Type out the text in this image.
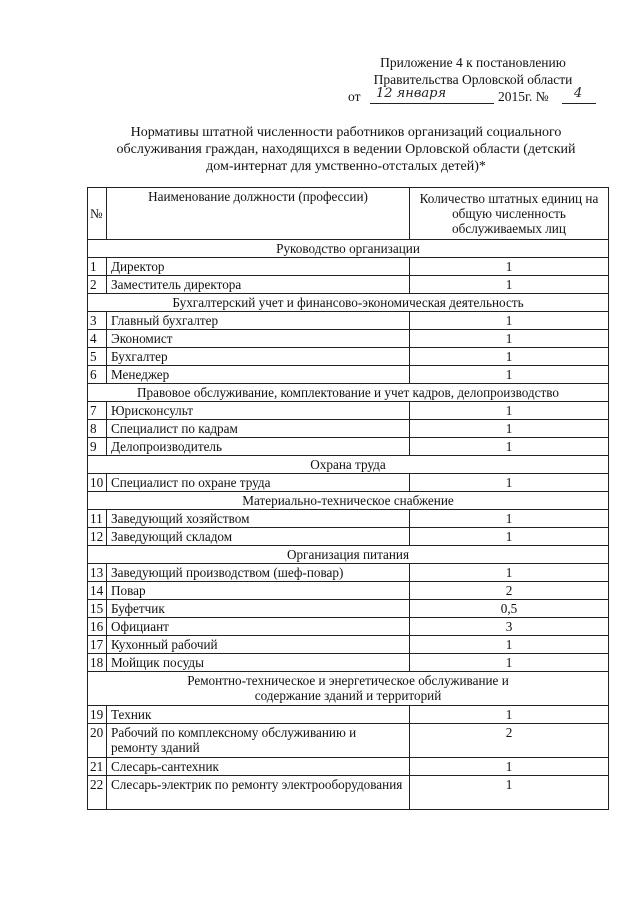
Приложение 4 к постановлению
Правительства Орловской области
от 12 января	2015г. № 4
Нормативы штатной численности работников организаций социального
обслуживания граждан, находящихся в ведении Орловской области (детский
дом-интернат для умственно-отсталых детей)*
№	Наименование должности (профессии)	Количество штатных единиц на общую численность обслуживаемых лиц
Руководство организации		
1	Директор	1
2	Заместитель директора	1
Бухгалтерский учет и финансово-экономическая деятельность		
3	Главный бухгалтер	1
4	Экономист	1
5	Бухгалтер	1
6	Менеджер	1
Правовое обслуживание, комплектование и учет кадров, делопроизводство		
7	Юрисконсульт	1
8	Специалист по кадрам	1
9	Делопроизводитель	1
Охрана труда		
10	Специалист по охране труда	1
Материально-техническое снабжение		
11	Заведующий хозяйством	1
12	Заведующий складом	1
Организация питания		
13	Заведующий производством (шеф-повар)	1
14	Повар	2
15	Буфетчик	0,5
16	Официант	3
17	Кухонный рабочий	1
18	Мойщик посуды	1
Ремонтно-техническое и энергетическое обслуживание и содержание зданий и территорий		
19	Техник	1
20	Рабочий по комплексному обслуживанию и ремонту зданий	2
21	Слесарь-сантехник	1
22	Слесарь-электрик по ремонту электрооборудования	1
